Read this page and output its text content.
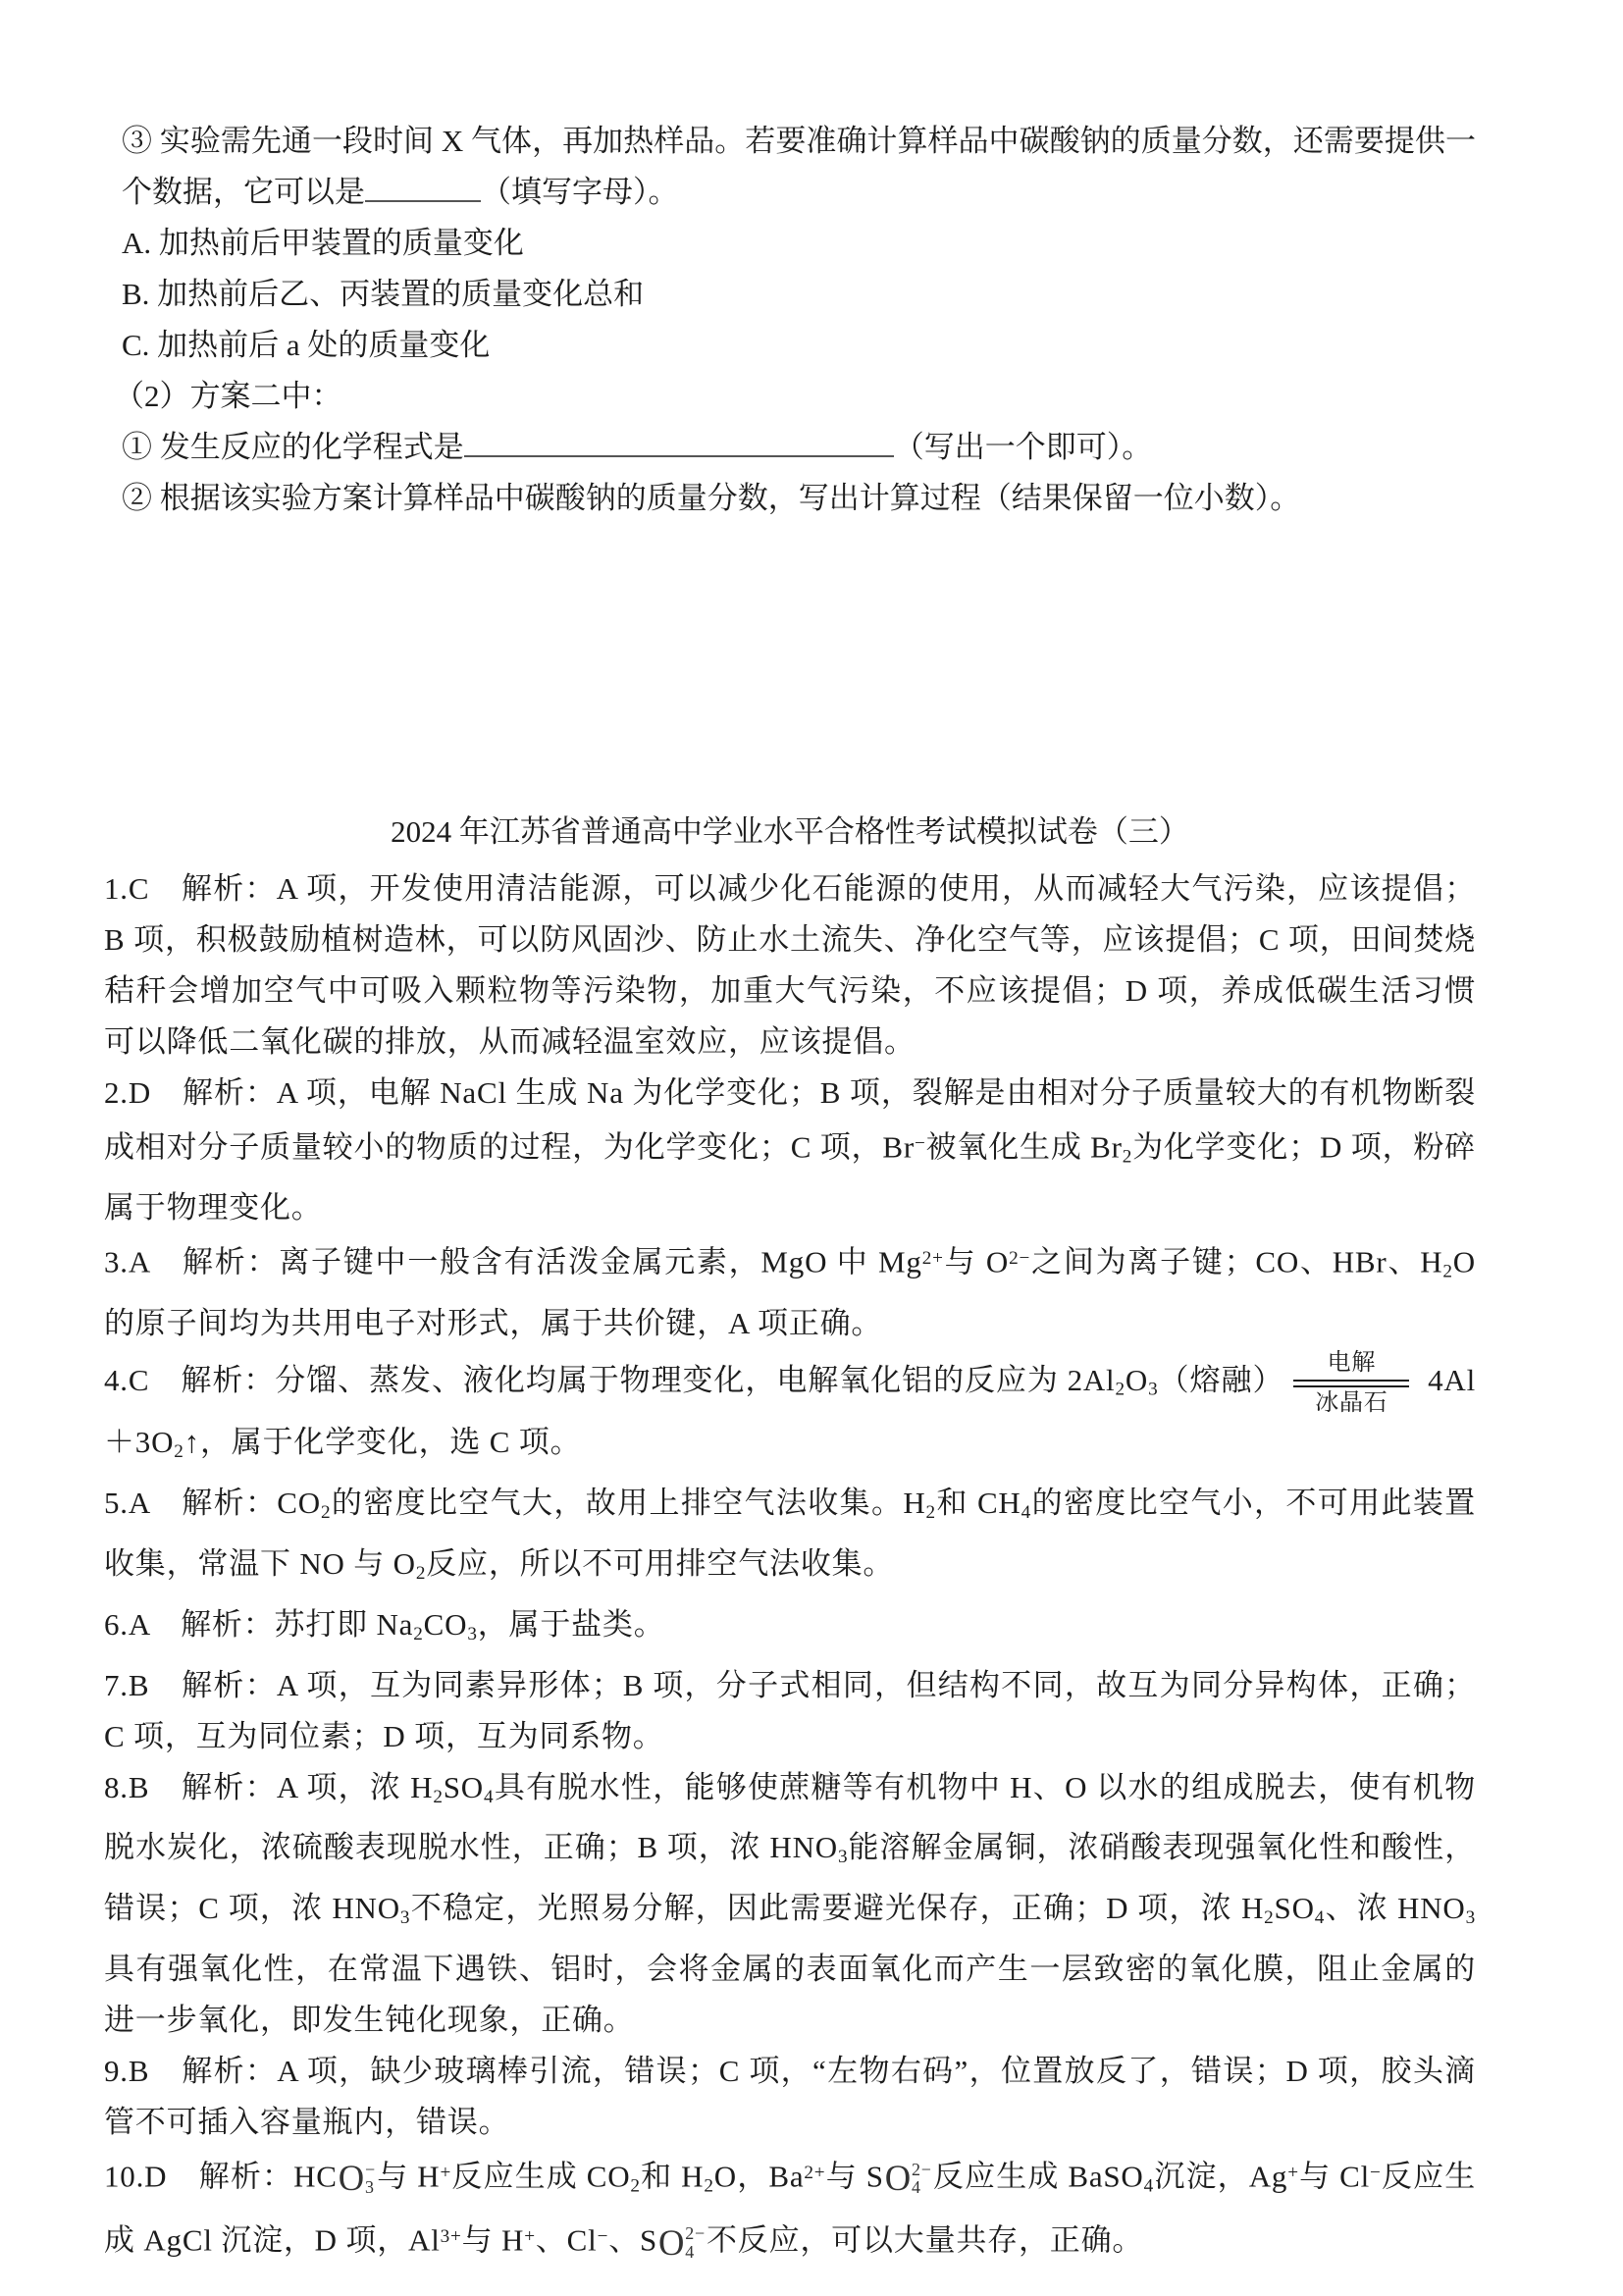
③ 实验需先通一段时间 X 气体，再加热样品。若要准确计算样品中碳酸钠的质量分数，还需要提供一个数据，它可以是	（填写字母）。

A. 加热前后甲装置的质量变化

B. 加热前后乙、丙装置的质量变化总和

C. 加热前后 a 处的质量变化

（2）方案二中：

① 发生反应的化学程式是	（写出一个即可）。

② 根据该实验方案计算样品中碳酸钠的质量分数，写出计算过程（结果保留一位小数）。

2024 年江苏省普通高中学业水平合格性考试模拟试卷（三）

1.C　解析：A 项，开发使用清洁能源，可以减少化石能源的使用，从而减轻大气污染，应该提倡；B 项，积极鼓励植树造林，可以防风固沙、防止水土流失、净化空气等，应该提倡；C 项，田间焚烧秸秆会增加空气中可吸入颗粒物等污染物，加重大气污染，不应该提倡；D 项，养成低碳生活习惯可以降低二氧化碳的排放，从而减轻温室效应，应该提倡。

2.D　解析：A 项，电解 NaCl 生成 Na 为化学变化；B 项，裂解是由相对分子质量较大的有机物断裂成相对分子质量较小的物质的过程，为化学变化；C 项，Br−被氧化生成 $Br_2$为化学变化；D 项，粉碎属于物理变化。

3.A　解析：离子键中一般含有活泼金属元素，MgO 中 $Mg^{2+}$与 $O^{2-}$之间为离子键；CO、HBr、$H_2O$ 的原子间均为共用电子对形式，属于共价键，A 项正确。

4.C　解析：分馏、蒸发、液化均属于物理变化，电解氧化铝的反应为 $2Al_2O_3$（熔融） 电解
冰晶石
$4Al+3O_2↑$，属于化学变化，选 C 项。

5.A　解析：$CO_2$的密度比空气大，故用上排空气法收集。$H_2$和 $CH_4$的密度比空气小，不可用此装置收集，常温下 NO 与 $O_2$反应，所以不可用排空气法收集。

6.A　解析：苏打即 $Na_2CO_3$，属于盐类。

7.B　解析：A 项，互为同素异形体；B 项，分子式相同，但结构不同，故互为同分异构体，正确；C 项，互为同位素；D 项，互为同系物。

8.B　解析：A 项，浓 $H_2SO_4$具有脱水性，能够使蔗糖等有机物中 H、O 以水的组成脱去，使有机物脱水炭化，浓硫酸表现脱水性，正确；B 项，浓 $HNO_3$能溶解金属铜，浓硝酸表现强氧化性和酸性，错误；C 项，浓 $HNO_3$不稳定，光照易分解，因此需要避光保存，正确；D 项，浓 $H_2SO_4$、浓 $HNO_3$具有强氧化性，在常温下遇铁、铝时，会将金属的表面氧化而产生一层致密的氧化膜，阻止金属的进一步氧化，即发生钝化现象，正确。

9.B　解析：A 项，缺少玻璃棒引流，错误；C 项，“左物右码”，位置放反了，错误；D 项，胶头滴管不可插入容量瓶内，错误。

10.D　解析：HC O −
3 与 H+反应生成 $CO_2$和 $H_2O$，$Ba^{2+}$与 S O 2−
4 反应生成 BaSO$_4$沉淀，Ag+与 Cl−反应生成 AgCl 沉淀，D 项，$Al^{3+}$与 H+、Cl−、S O 2−
4 不反应，可以大量共存，正确。
